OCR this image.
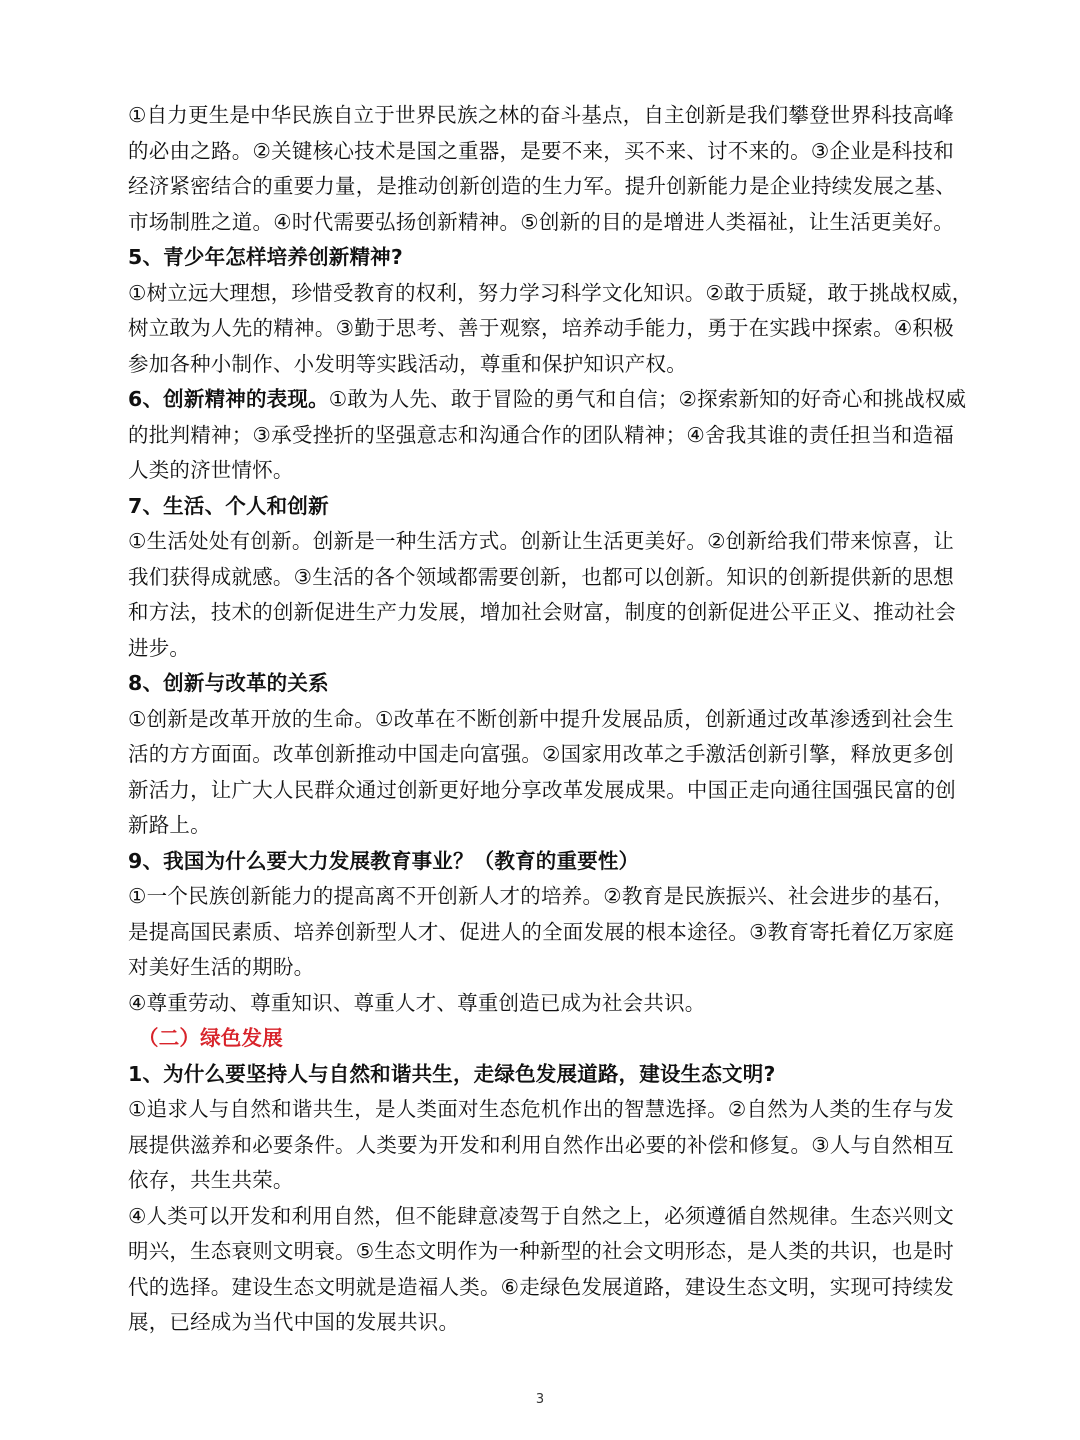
①自力更生是中华民族自立于世界民族之林的奋斗基点，自主创新是我们攀登世界科技高峰
的必由之路。②关键核心技术是国之重器，是要不来，买不来、讨不来的。③企业是科技和
经济紧密结合的重要力量，是推动创新创造的生力军。提升创新能力是企业持续发展之基、
市场制胜之道。④时代需要弘扬创新精神。⑤创新的目的是增进人类福祉，让生活更美好。
5、青少年怎样培养创新精神?
①树立远大理想，珍惜受教育的权利，努力学习科学文化知识。②敢于质疑，敢于挑战权威，
树立敢为人先的精神。③勤于思考、善于观察，培养动手能力，勇于在实践中探索。④积极
参加各种小制作、小发明等实践活动，尊重和保护知识产权。
6、创新精神的表现。①敢为人先、敢于冒险的勇气和自信；②探索新知的好奇心和挑战权威
的批判精神；③承受挫折的坚强意志和沟通合作的团队精神；④舍我其谁的责任担当和造福
人类的济世情怀。
7、生活、个人和创新
①生活处处有创新。创新是一种生活方式。创新让生活更美好。②创新给我们带来惊喜，让
我们获得成就感。③生活的各个领域都需要创新，也都可以创新。知识的创新提供新的思想
和方法，技术的创新促进生产力发展，增加社会财富，制度的创新促进公平正义、推动社会
进步。
8、创新与改革的关系
①创新是改革开放的生命。①改革在不断创新中提升发展品质，创新通过改革渗透到社会生
活的方方面面。改革创新推动中国走向富强。②国家用改革之手激活创新引擎，释放更多创
新活力，让广大人民群众通过创新更好地分享改革发展成果。中国正走向通往国强民富的创
新路上。
9、我国为什么要大力发展教育事业？（教育的重要性）
①一个民族创新能力的提高离不开创新人才的培养。②教育是民族振兴、社会进步的基石，
是提高国民素质、培养创新型人才、促进人的全面发展的根本途径。③教育寄托着亿万家庭
对美好生活的期盼。
④尊重劳动、尊重知识、尊重人才、尊重创造已成为社会共识。
（二）绿色发展
1、为什么要坚持人与自然和谐共生，走绿色发展道路，建设生态文明?
①追求人与自然和谐共生，是人类面对生态危机作出的智慧选择。②自然为人类的生存与发
展提供滋养和必要条件。人类要为开发和利用自然作出必要的补偿和修复。③人与自然相互
依存，共生共荣。
④人类可以开发和利用自然，但不能肆意凌驾于自然之上，必须遵循自然规律。生态兴则文
明兴，生态衰则文明衰。⑤生态文明作为一种新型的社会文明形态，是人类的共识，也是时
代的选择。建设生态文明就是造福人类。⑥走绿色发展道路，建设生态文明，实现可持续发
展，已经成为当代中国的发展共识。
3
